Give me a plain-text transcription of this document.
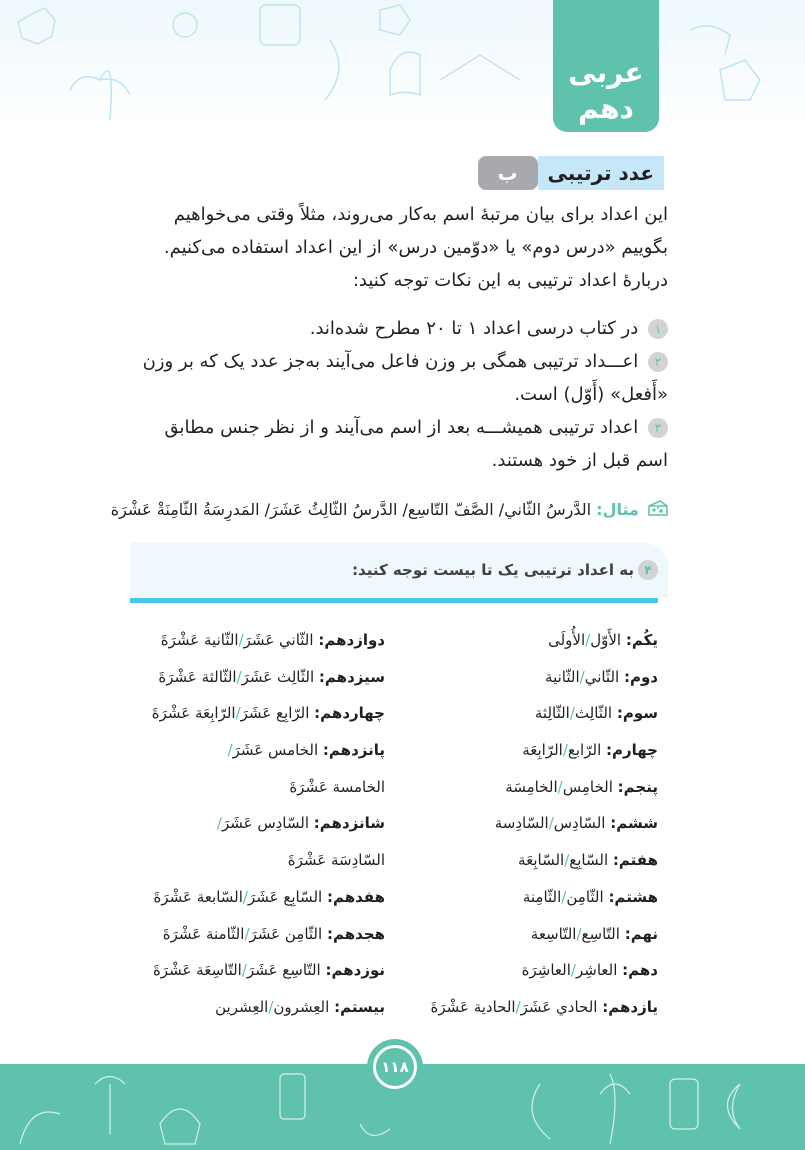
عربی
دهم
ب	عدد ترتیبی
این اعداد برای بیان مرتبهٔ اسم به‌کار می‌روند، مثلاً وقتی می‌خواهیم
بگوییم «درس دوم» یا «دوّمین درس» از این اعداد استفاده می‌کنیم.
دربارهٔ اعداد ترتیبی به این نکات توجه کنید:
۱ در کتاب درسی اعداد ۱ تا ۲۰ مطرح شده‌اند.
۲ اعـــداد ترتیبی همگی بر وزن فاعل می‌آیند به‌جز عدد یک که بر وزن «أَفعل» (أَوّل) است.
۳ اعداد ترتیبی همیشـــه بعد از اسم می‌آیند و از نظر جنس مطابق اسم قبل از خود هستند.
مثال: الدَّرسُ الثّاني/ الصَّفّ التّاسِع/ الدَّرسُ الثّالِثُ عَشَرَ/ المَدرِسَةُ الثّامِنَةْ عَشْرَة
۴
به اعداد ترتیبی یک تا بیست توجه کنید:
یکُم: الأَوّل/الأُولَى
دوم: الثّاني/الثّانية
سوم: الثّالِث/الثّالِثة
چهارم: الرّابع/الرّابِعَة
پنجم: الخامِس/الخامِسَة
ششم: السّادِس/السّادِسة
هفتم: السّابِع/السّابِعَة
هشتم: الثّامِن/الثّامِنة
نهم: التّاسِع/التّاسِعة
دهم: العاشِر/العاشِرَة
یازدهم: الحادي عَشَرَ/الحادية عَشْرَةَ
دوازدهم: الثّاني عَشَرَ/الثّانية عَشْرَةَ
سیزدهم: الثّالِث عَشَرَ/الثّالثة عَشْرَةَ
چهاردهم: الرّابِع عَشَرَ/الرّابِعَة عَشْرَةَ
پانزدهم: الخامس عَشَرَ/
الخامسة عَشْرَةَ
شانزدهم: السّادِس عَشَرَ/
السّادِسَة عَشْرَةَ
هفدهم: السّابِع عَشَرَ/السّابعة عَشْرَةَ
هجدهم: الثّامِن عَشَرَ/الثّامنة عَشْرَةَ
نوزدهم: التّاسِع عَشَرَ/التّاسِعَة عَشْرَةَ
بیستم: العِشرون/العِشرين
۱۱۸
